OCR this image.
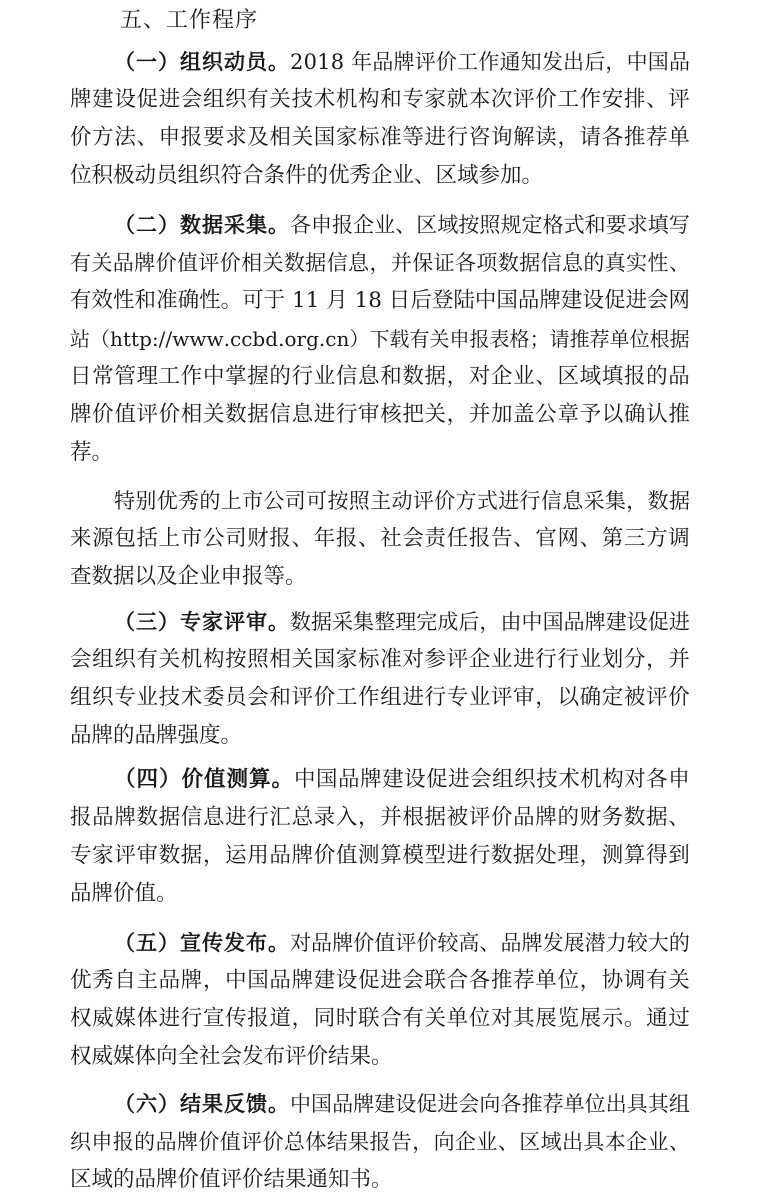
五、工作程序
（一）组织动员。 2 0 1 8
年 品 牌 评 价 工 作 通 知 发 出 后 ， 中 国 品
牌 建 设 促 进 会 组 织 有 关 技 术 机 构 和 专 家 就 本 次 评 价 工 作 安 排 、 评
价 方 法 、 申 报 要 求 及 相 关 国 家 标 准 等 进 行 咨 询 解 读 ， 请 各 推 荐 单
位积极动员组织符合条件的优秀企业、区域参加。
（二）数据采集。 各 申 报 企 业 、 区 域 按 照 规 定 格 式 和 要 求 填 写
有 关 品 牌 价 值 评 价 相 关 数 据 信 息 ， 并 保 证 各 项 数 据 信 息 的 真 实 性 、
有 效 性 和 准 确 性 。 可 于
1 1
月
1 8
日 后 登 陆 中 国 品 牌 建 设 促 进 会 网
站 （ h t t p : / / w w w . c c b d . o r g . c n ） 下 载 有 关 申 报 表 格 ； 请 推 荐 单 位 根 据
日 常 管 理 工 作 中 掌 握 的 行 业 信 息 和 数 据 ， 对 企 业 、 区 域 填 报 的 品
牌 价 值 评 价 相 关 数 据 信 息 进 行 审 核 把 关 ， 并 加 盖 公 章 予 以 确 认 推
荐。
特 别 优 秀 的 上 市 公 司 可 按 照 主 动 评 价 方 式 进 行 信 息 采 集 ， 数 据
来 源 包 括 上 市 公 司 财 报 、 年 报 、 社 会 责 任 报 告 、 官 网 、 第 三 方 调
查数据以及企业申报等。
（三）专家评审。 数 据 采 集 整 理 完 成 后 ， 由 中 国 品 牌 建 设 促 进
会 组 织 有 关 机 构 按 照 相 关 国 家 标 准 对 参 评 企 业 进 行 行 业 划 分 ， 并
组 织 专 业 技 术 委 员 会 和 评 价 工 作 组 进 行 专 业 评 审 ， 以 确 定 被 评 价
品牌的品牌强度。
（四）价值测算。 中 国 品 牌 建 设 促 进 会 组 织 技 术 机 构 对 各 申
报 品 牌 数 据 信 息 进 行 汇 总 录 入 ， 并 根 据 被 评 价 品 牌 的 财 务 数 据 、
专 家 评 审 数 据 ， 运 用 品 牌 价 值 测 算 模 型 进 行 数 据 处 理 ， 测 算 得 到
品牌价值。
（五）宣传发布。 对 品 牌 价 值 评 价 较 高 、 品 牌 发 展 潜 力 较 大 的
优 秀 自 主 品 牌 ， 中 国 品 牌 建 设 促 进 会 联 合 各 推 荐 单 位 ， 协 调 有 关
权 威 媒 体 进 行 宣 传 报 道 ， 同 时 联 合 有 关 单 位 对 其 展 览 展 示 。 通 过
权威媒体向全社会发布评价结果。
（六）结果反馈。 中 国 品 牌 建 设 促 进 会 向 各 推 荐 单 位 出 具 其 组
织 申 报 的 品 牌 价 值 评 价 总 体 结 果 报 告 ， 向 企 业 、 区 域 出 具 本 企 业 、
区域的品牌价值评价结果通知书。
